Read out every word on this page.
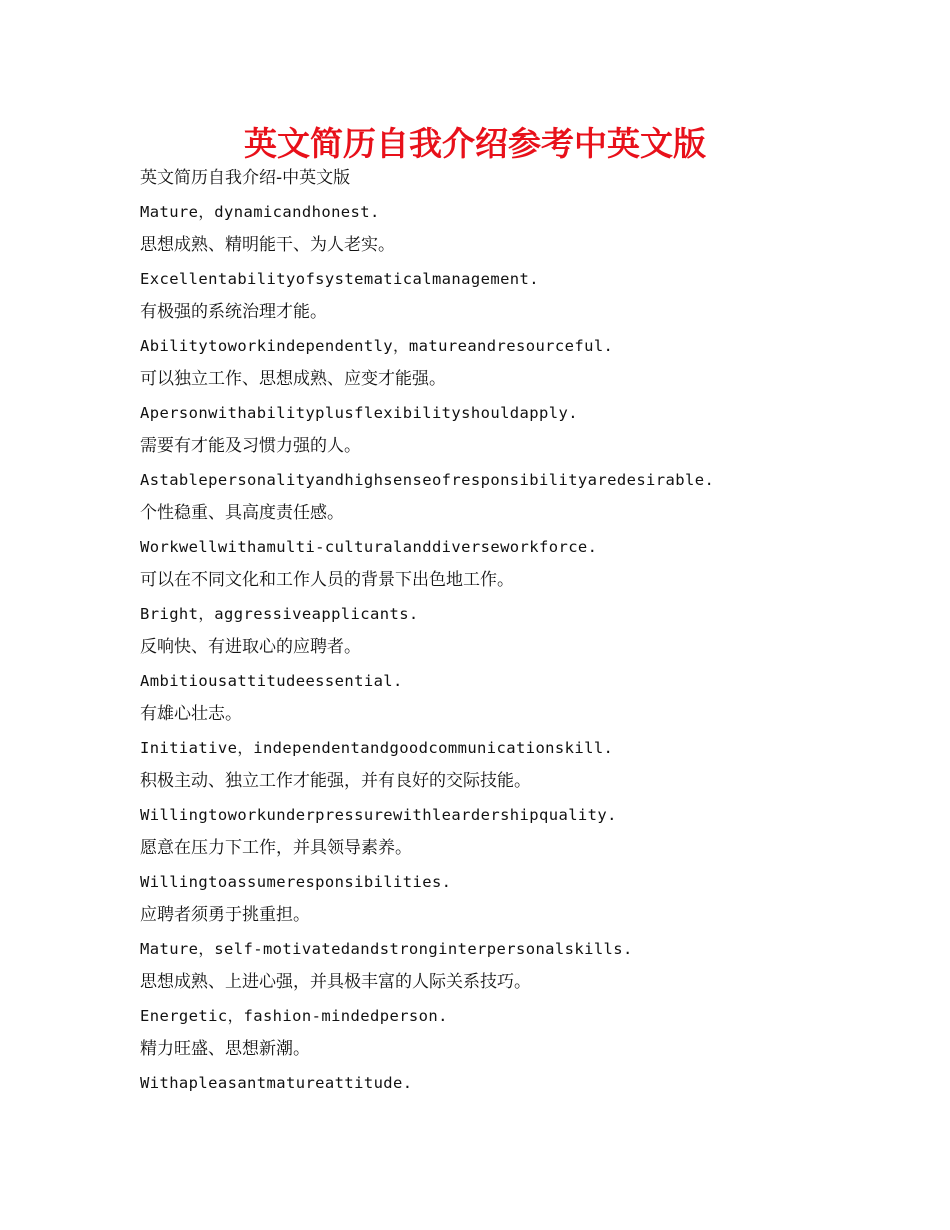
英文简历自我介绍参考中英文版
英文简历自我介绍-中英文版
Mature，dynamicandhonest.
思想成熟、精明能干、为人老实。
Excellentabilityofsystematicalmanagement.
有极强的系统治理才能。
Abilitytoworkindependently，matureandresourceful.
可以独立工作、思想成熟、应变才能强。
Apersonwithabilityplusflexibilityshouldapply.
需要有才能及习惯力强的人。
Astablepersonalityandhighsenseofresponsibilityaredesirable.
个性稳重、具高度责任感。
Workwellwithamulti-culturalanddiverseworkforce.
可以在不同文化和工作人员的背景下出色地工作。
Bright，aggressiveapplicants.
反响快、有进取心的应聘者。
Ambitiousattitudeessential.
有雄心壮志。
Initiative，independentandgoodcommunicationskill.
积极主动、独立工作才能强，并有良好的交际技能。
Willingtoworkunderpressurewithleardershipquality.
愿意在压力下工作，并具领导素养。
Willingtoassumeresponsibilities.
应聘者须勇于挑重担。
Mature，self-motivatedandstronginterpersonalskills.
思想成熟、上进心强，并具极丰富的人际关系技巧。
Energetic，fashion-mindedperson.
精力旺盛、思想新潮。
Withapleasantmatureattitude.
